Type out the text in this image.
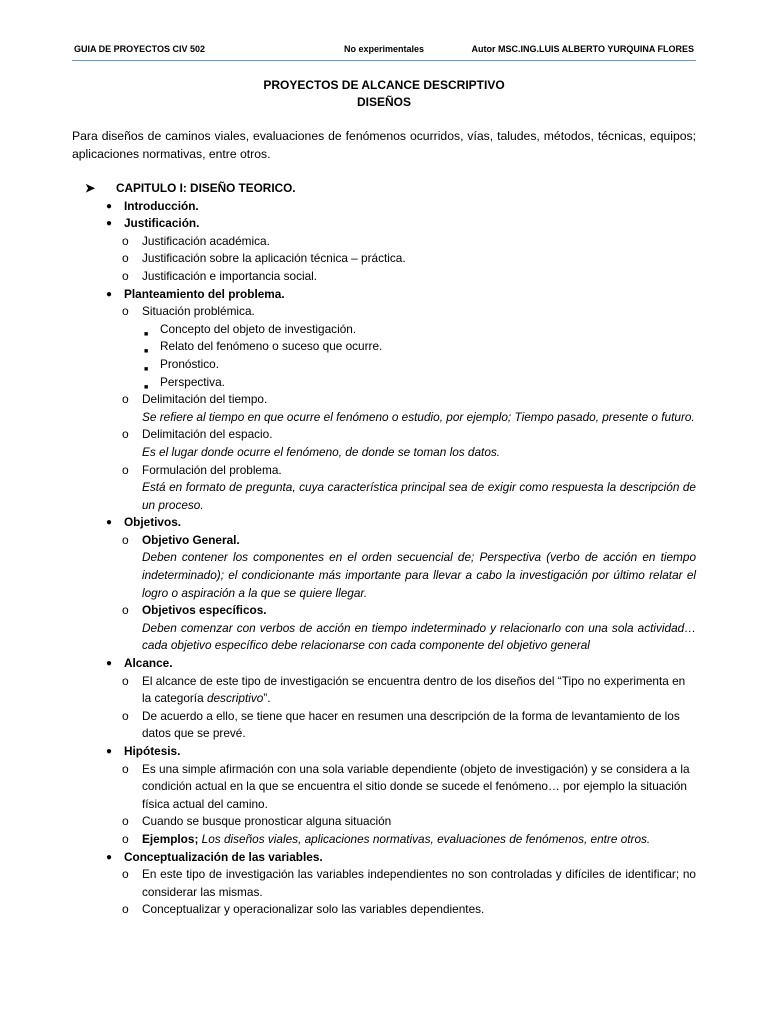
GUIA DE PROYECTOS CIV 502	No experimentales	Autor MSC.ING.LUIS ALBERTO YURQUINA FLORES
PROYECTOS DE ALCANCE DESCRIPTIVO
DISEÑOS
Para diseños de caminos viales, evaluaciones de fenómenos ocurridos, vías, taludes, métodos, técnicas, equipos; aplicaciones normativas, entre otros.
➤ CAPITULO I: DISEÑO TEORICO.
● Introducción.
● Justificación.
o Justificación académica.
o Justificación sobre la aplicación técnica – práctica.
o Justificación e importancia social.
● Planteamiento del problema.
o Situación problémica.
■ Concepto del objeto de investigación.
■ Relato del fenómeno o suceso que ocurre.
■ Pronóstico.
■ Perspectiva.
o Delimitación del tiempo.
Se refiere al tiempo en que ocurre el fenómeno o estudio, por ejemplo; Tiempo pasado, presente o futuro.
o Delimitación del espacio.
Es el lugar donde ocurre el fenómeno, de donde se toman los datos.
o Formulación del problema.
Está en formato de pregunta, cuya característica principal sea de exigir como respuesta la descripción de un proceso.
● Objetivos.
o Objetivo General.
Deben contener los componentes en el orden secuencial de; Perspectiva (verbo de acción en tiempo indeterminado); el condicionante más importante para llevar a cabo la investigación por último relatar el logro o aspiración a la que se quiere llegar.
o Objetivos específicos.
Deben comenzar con verbos de acción en tiempo indeterminado y relacionarlo con una sola actividad… cada objetivo específico debe relacionarse con cada componente del objetivo general
● Alcance.
o El alcance de este tipo de investigación se encuentra dentro de los diseños del “Tipo no experimenta en la categoría descriptivo”.
o De acuerdo a ello, se tiene que hacer en resumen una descripción de la forma de levantamiento de los datos que se prevé.
● Hipótesis.
o Es una simple afirmación con una sola variable dependiente (objeto de investigación) y se considera a la condición actual en la que se encuentra el sitio donde se sucede el fenómeno… por ejemplo la situación física actual del camino.
o Cuando se busque pronosticar alguna situación
o Ejemplos; Los diseños viales, aplicaciones normativas, evaluaciones de fenómenos, entre otros.
● Conceptualización de las variables.
o En este tipo de investigación las variables independientes no son controladas y difíciles de identificar; no considerar las mismas.
o Conceptualizar y operacionalizar solo las variables dependientes.
